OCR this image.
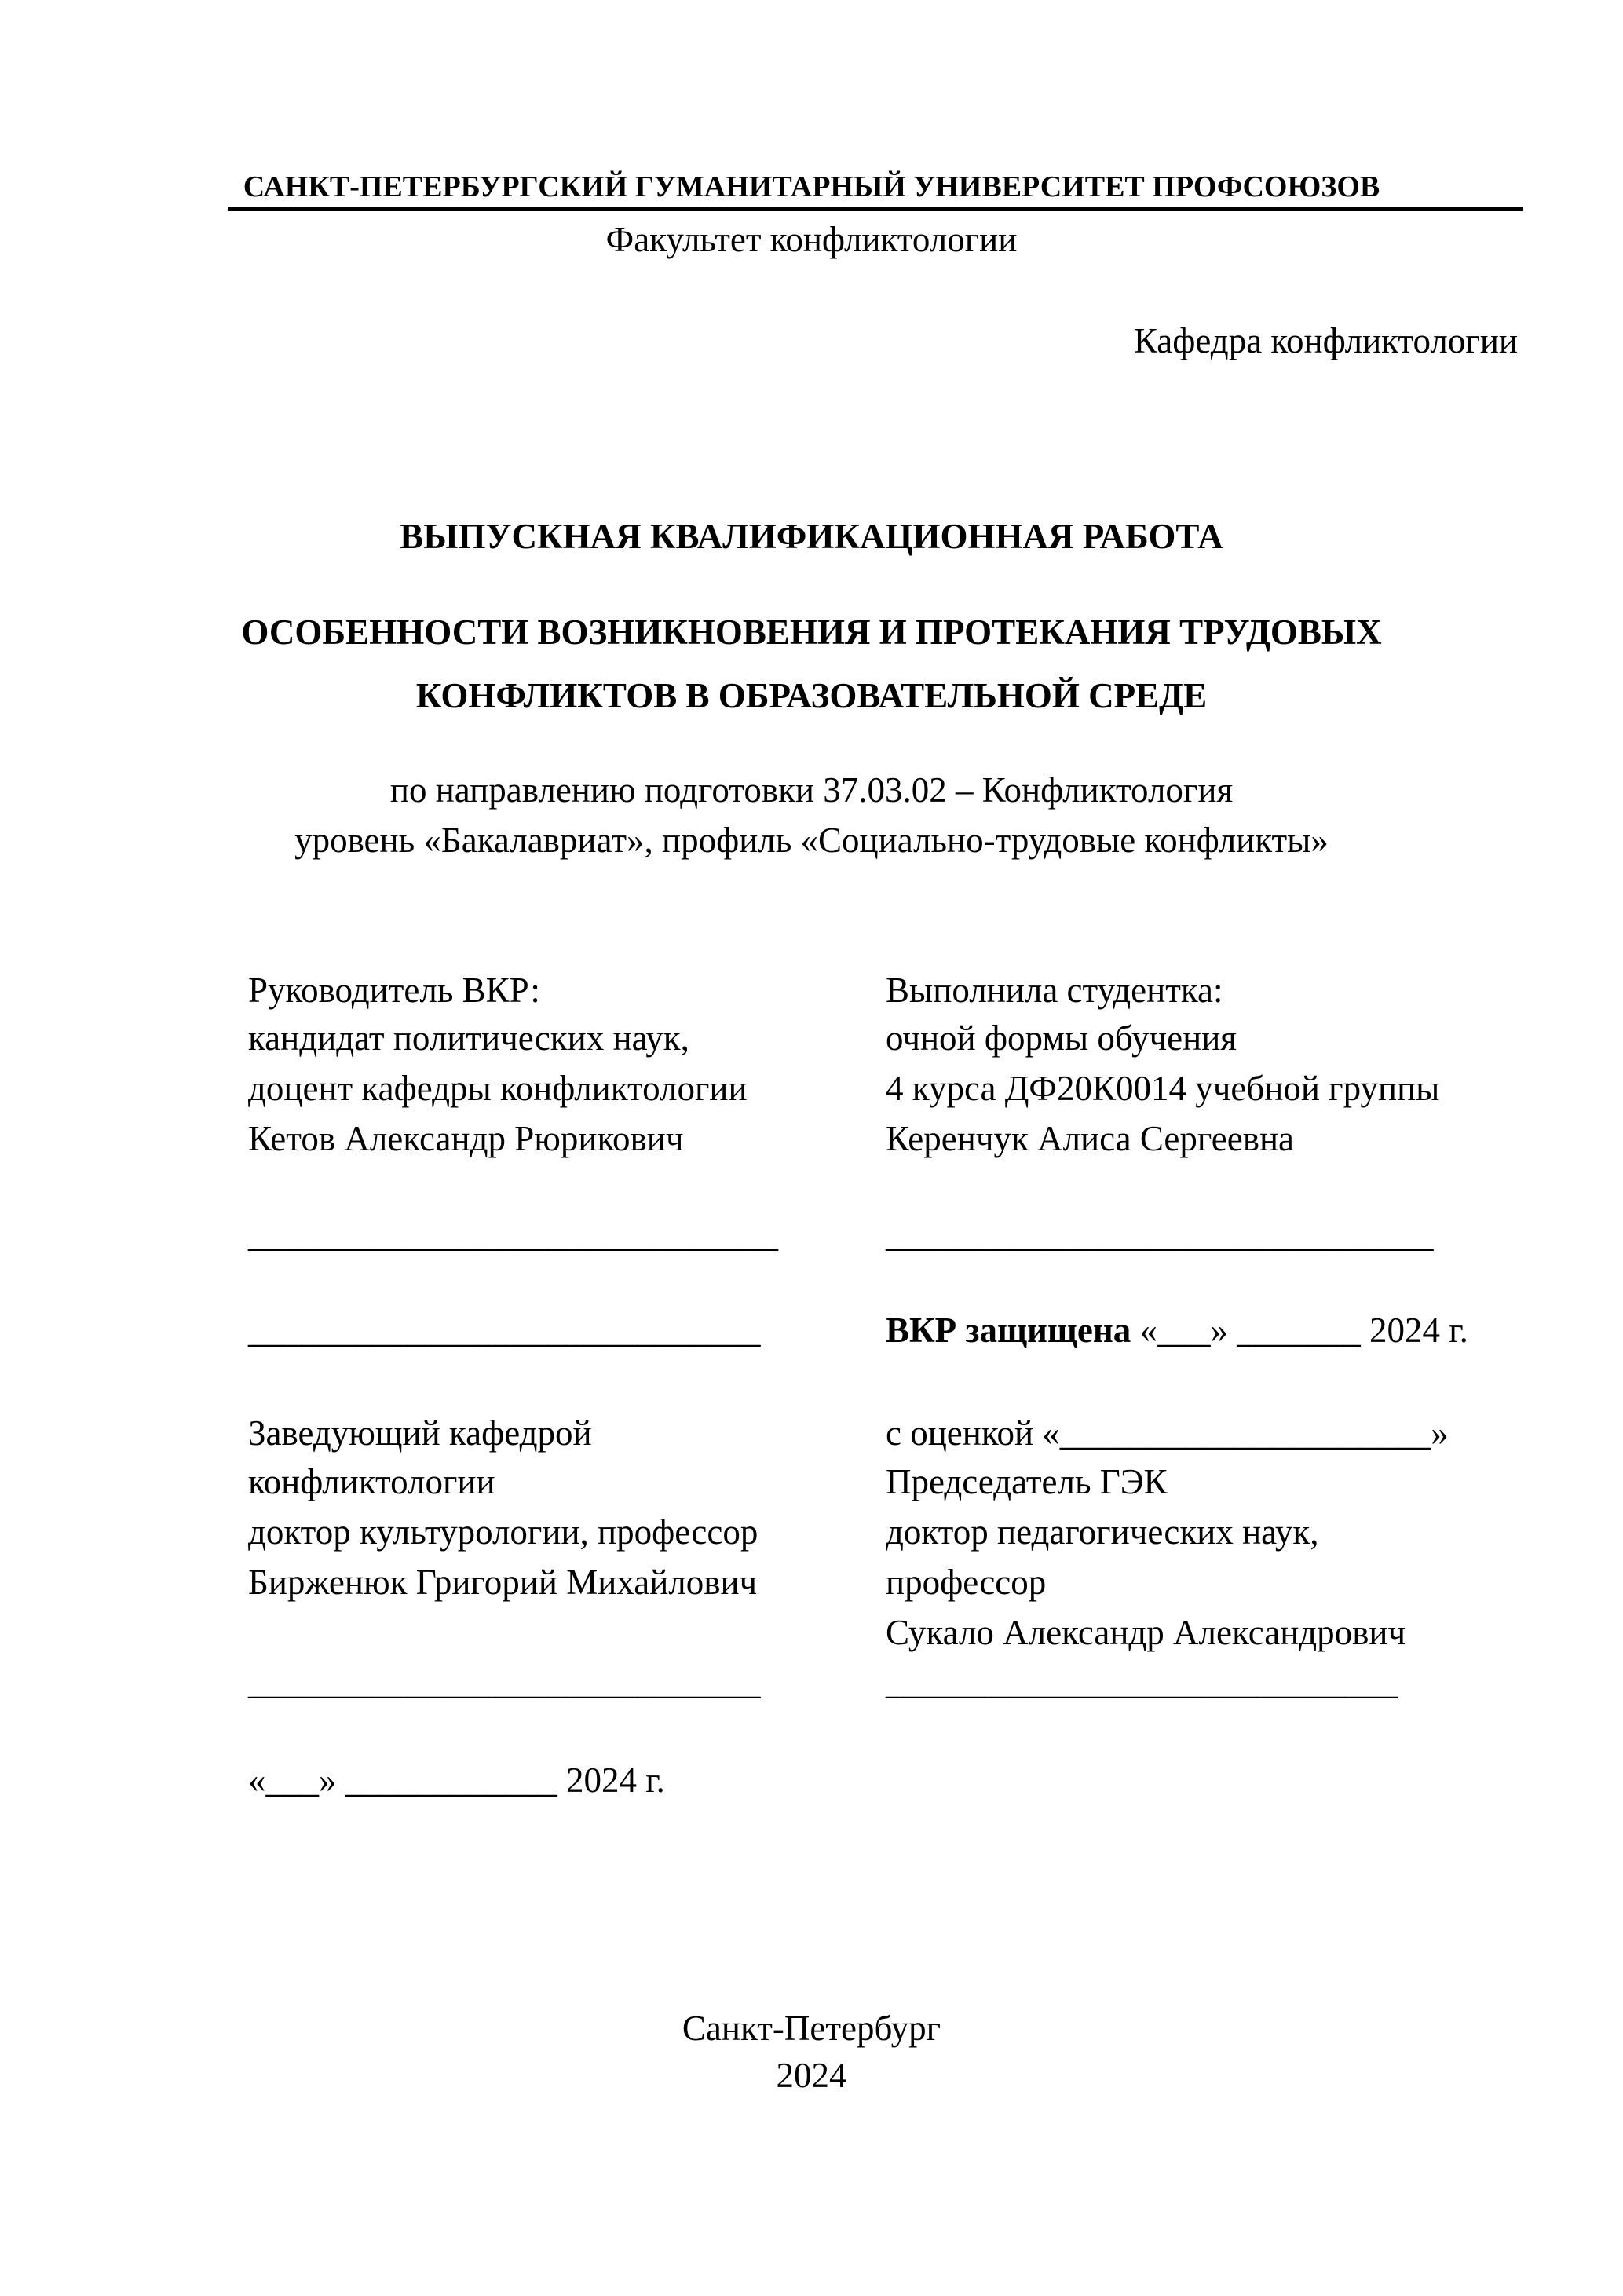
САНКТ-ПЕТЕРБУРГСКИЙ ГУМАНИТАРНЫЙ УНИВЕРСИТЕТ ПРОФСОЮЗОВ
Факультет конфликтологии
Кафедра конфликтологии
ВЫПУСКНАЯ КВАЛИФИКАЦИОННАЯ РАБОТА
ОСОБЕННОСТИ ВОЗНИКНОВЕНИЯ И ПРОТЕКАНИЯ ТРУДОВЫХ
КОНФЛИКТОВ В ОБРАЗОВАТЕЛЬНОЙ СРЕДЕ
по направлению подготовки 37.03.02 – Конфликтология
уровень «Бакалавриат», профиль «Социально-трудовые конфликты»
Руководитель ВКР:
кандидат политических наук,
доцент кафедры конфликтологии
Кетов Александр Рюрикович
______________________________
Выполнила студентка:
очной формы обучения
4 курса ДФ20К0014 учебной группы
Керенчук Алиса Сергеевна
_______________________________
_____________________________	ВКР защищена «___» _______ 2024 г.
Заведующий кафедрой
конфликтологии
доктор культурологии, профессор
Бирженюк Григорий Михайлович
_____________________________
с оценкой «_____________________»
Председатель ГЭК
доктор педагогических наук,
профессор
Сукало Александр Александрович
_____________________________
«___» ____________ 2024 г.
Санкт-Петербург
2024
